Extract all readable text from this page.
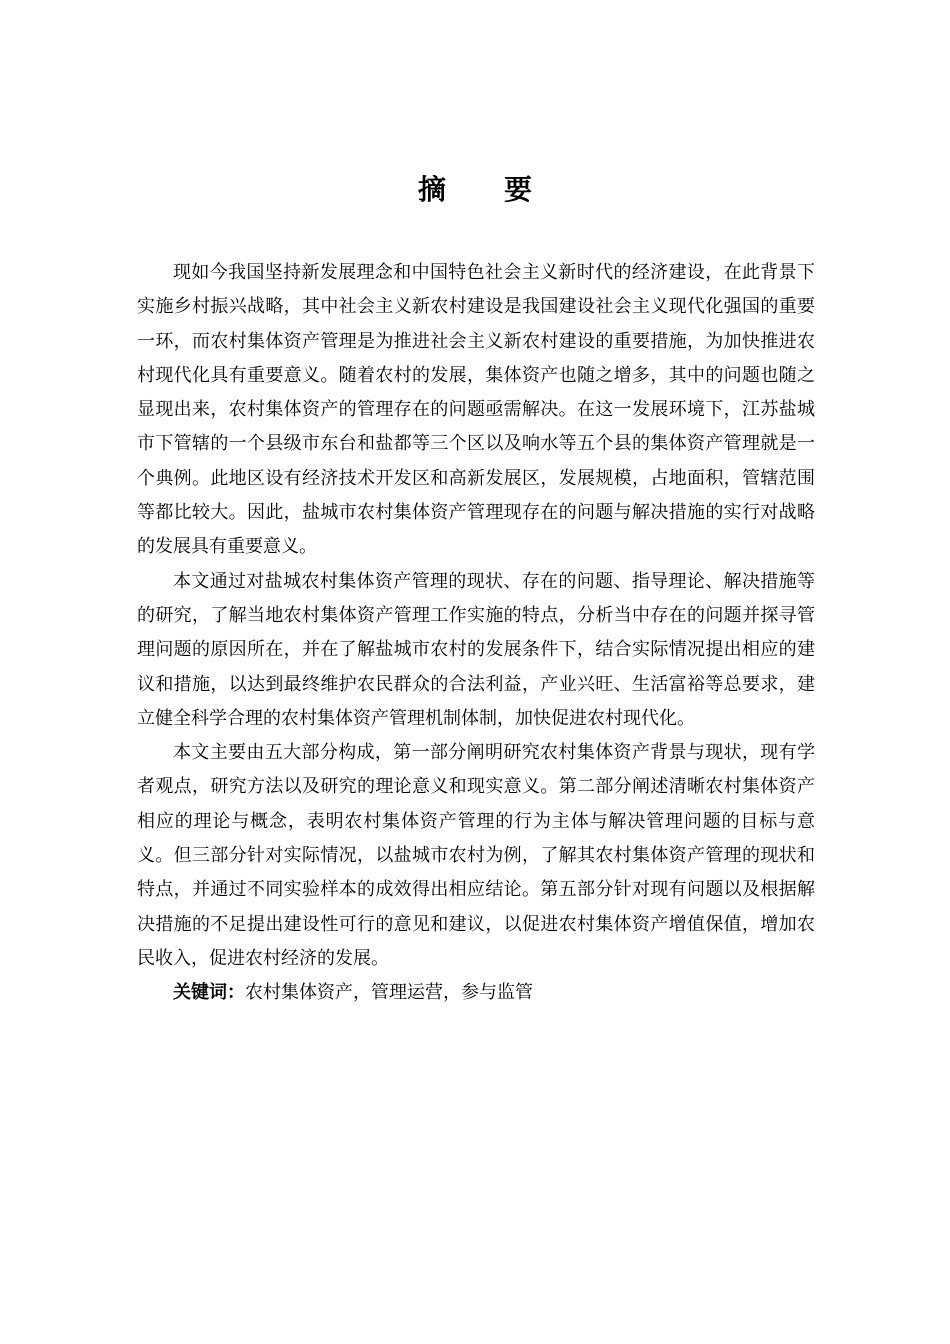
摘 要

现如今我国坚持新发展理念和中国特色社会主义新时代的经济建设，在此背景下实施乡村振兴战略，其中社会主义新农村建设是我国建设社会主义现代化强国的重要一环，而农村集体资产管理是为推进社会主义新农村建设的重要措施，为加快推进农村现代化具有重要意义。随着农村的发展，集体资产也随之增多，其中的问题也随之显现出来，农村集体资产的管理存在的问题亟需解决。在这一发展环境下，江苏盐城市下管辖的一个县级市东台和盐都等三个区以及响水等五个县的集体资产管理就是一个典例。此地区设有经济技术开发区和高新发展区，发展规模，占地面积，管辖范围等都比较大。因此，盐城市农村集体资产管理现存在的问题与解决措施的实行对战略的发展具有重要意义。

本文通过对盐城农村集体资产管理的现状、存在的问题、指导理论、解决措施等的研究，了解当地农村集体资产管理工作实施的特点，分析当中存在的问题并探寻管理问题的原因所在，并在了解盐城市农村的发展条件下，结合实际情况提出相应的建议和措施，以达到最终维护农民群众的合法利益，产业兴旺、生活富裕等总要求，建立健全科学合理的农村集体资产管理机制体制，加快促进农村现代化。

本文主要由五大部分构成，第一部分阐明研究农村集体资产背景与现状，现有学者观点，研究方法以及研究的理论意义和现实意义。第二部分阐述清晰农村集体资产相应的理论与概念，表明农村集体资产管理的行为主体与解决管理问题的目标与意义。但三部分针对实际情况，以盐城市农村为例，了解其农村集体资产管理的现状和特点，并通过不同实验样本的成效得出相应结论。第五部分针对现有问题以及根据解决措施的不足提出建设性可行的意见和建议，以促进农村集体资产增值保值，增加农民收入，促进农村经济的发展。

关键词：农村集体资产，管理运营，参与监管
